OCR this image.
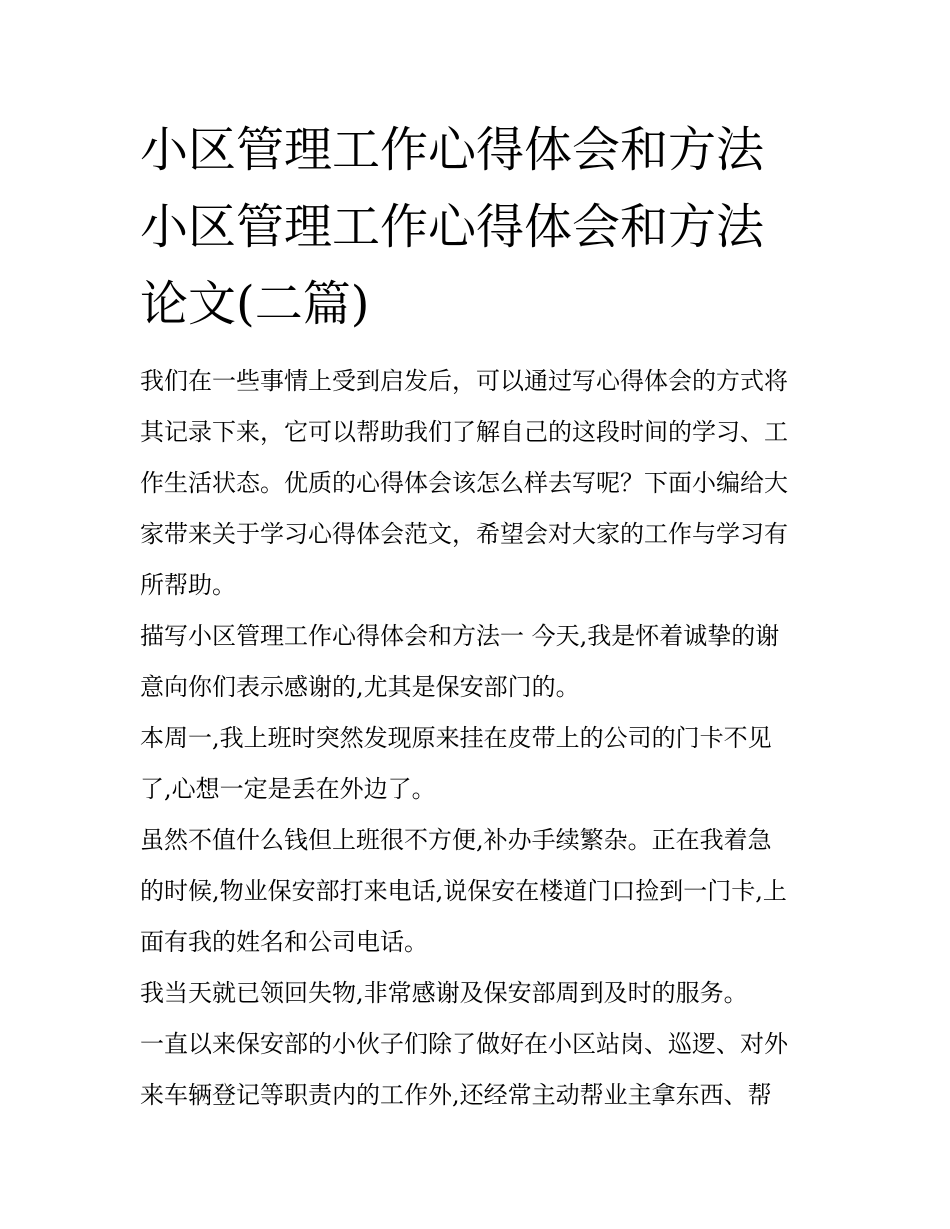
小区管理工作心得体会和方法
小区管理工作心得体会和方法
论文(二篇)

我们在一些事情上受到启发后，可以通过写心得体会的方式将
其记录下来，它可以帮助我们了解自己的这段时间的学习、工
作生活状态。优质的心得体会该怎么样去写呢？下面小编给大
家带来关于学习心得体会范文，希望会对大家的工作与学习有
所帮助。

描写小区管理工作心得体会和方法一 今天,我是怀着诚挚的谢
意向你们表示感谢的,尤其是保安部门的。

本周一,我上班时突然发现原来挂在皮带上的公司的门卡不见
了,心想一定是丢在外边了。

虽然不值什么钱但上班很不方便,补办手续繁杂。正在我着急
的时候,物业保安部打来电话,说保安在楼道门口捡到一门卡,上
面有我的姓名和公司电话。

我当天就已领回失物,非常感谢及保安部周到及时的服务。

一直以来保安部的小伙子们除了做好在小区站岗、巡逻、对外
来车辆登记等职责内的工作外,还经常主动帮业主拿东西、帮
